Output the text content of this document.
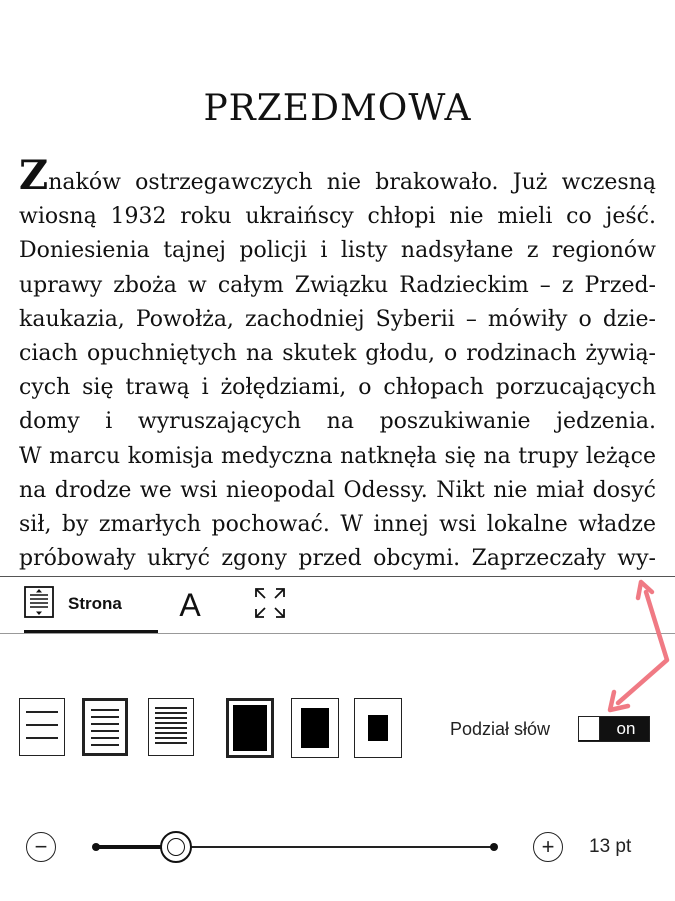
PRZEDMOWA
Znaków ostrzegawczych nie brakowało. Już wczesną
wiosną 1932 roku ukraińscy chłopi nie mieli co jeść.
Doniesienia tajnej policji i listy nadsyłane z regionów
uprawy zboża w całym Związku Radzieckim – z Przed-
kaukazia, Powołża, zachodniej Syberii – mówiły o dzie-
ciach opuchniętych na skutek głodu, o rodzinach żywią-
cych się trawą i żołędziami, o chłopach porzucających
domy i wyruszających na poszukiwanie jedzenia.
W marcu komisja medyczna natknęła się na trupy leżące
na drodze we wsi nieopodal Odessy. Nikt nie miał dosyć
sił, by zmarłych pochować. W innej wsi lokalne władze
próbowały ukryć zgony przed obcymi. Zaprzeczały wy-
Strona A
Podział słów	on
−	+ 13 pt
